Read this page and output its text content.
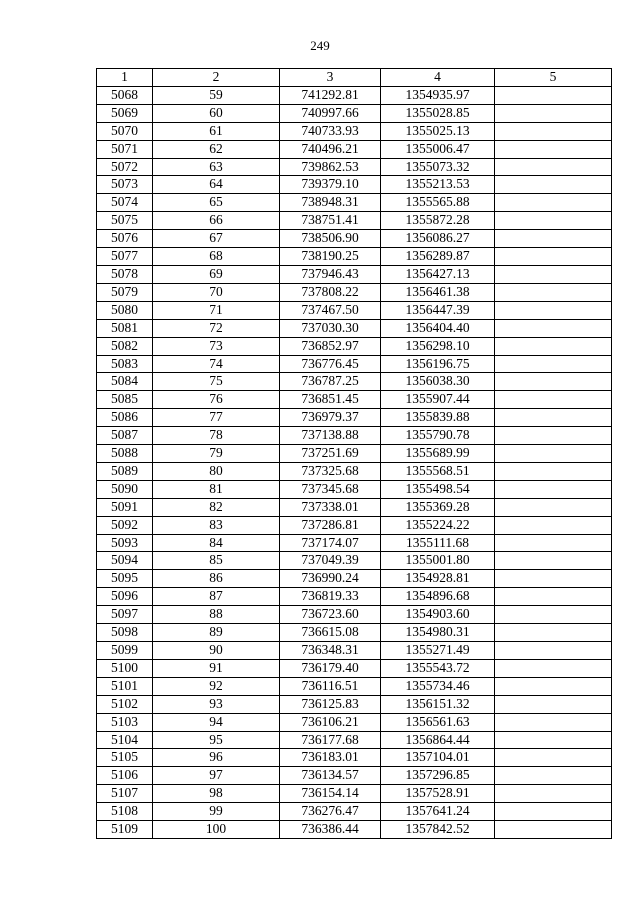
249
1	2	3	4	5
5068	59	741292.81	1354935.97	
5069	60	740997.66	1355028.85	
5070	61	740733.93	1355025.13	
5071	62	740496.21	1355006.47	
5072	63	739862.53	1355073.32	
5073	64	739379.10	1355213.53	
5074	65	738948.31	1355565.88	
5075	66	738751.41	1355872.28	
5076	67	738506.90	1356086.27	
5077	68	738190.25	1356289.87	
5078	69	737946.43	1356427.13	
5079	70	737808.22	1356461.38	
5080	71	737467.50	1356447.39	
5081	72	737030.30	1356404.40	
5082	73	736852.97	1356298.10	
5083	74	736776.45	1356196.75	
5084	75	736787.25	1356038.30	
5085	76	736851.45	1355907.44	
5086	77	736979.37	1355839.88	
5087	78	737138.88	1355790.78	
5088	79	737251.69	1355689.99	
5089	80	737325.68	1355568.51	
5090	81	737345.68	1355498.54	
5091	82	737338.01	1355369.28	
5092	83	737286.81	1355224.22	
5093	84	737174.07	1355111.68	
5094	85	737049.39	1355001.80	
5095	86	736990.24	1354928.81	
5096	87	736819.33	1354896.68	
5097	88	736723.60	1354903.60	
5098	89	736615.08	1354980.31	
5099	90	736348.31	1355271.49	
5100	91	736179.40	1355543.72	
5101	92	736116.51	1355734.46	
5102	93	736125.83	1356151.32	
5103	94	736106.21	1356561.63	
5104	95	736177.68	1356864.44	
5105	96	736183.01	1357104.01	
5106	97	736134.57	1357296.85	
5107	98	736154.14	1357528.91	
5108	99	736276.47	1357641.24	
5109	100	736386.44	1357842.52	
